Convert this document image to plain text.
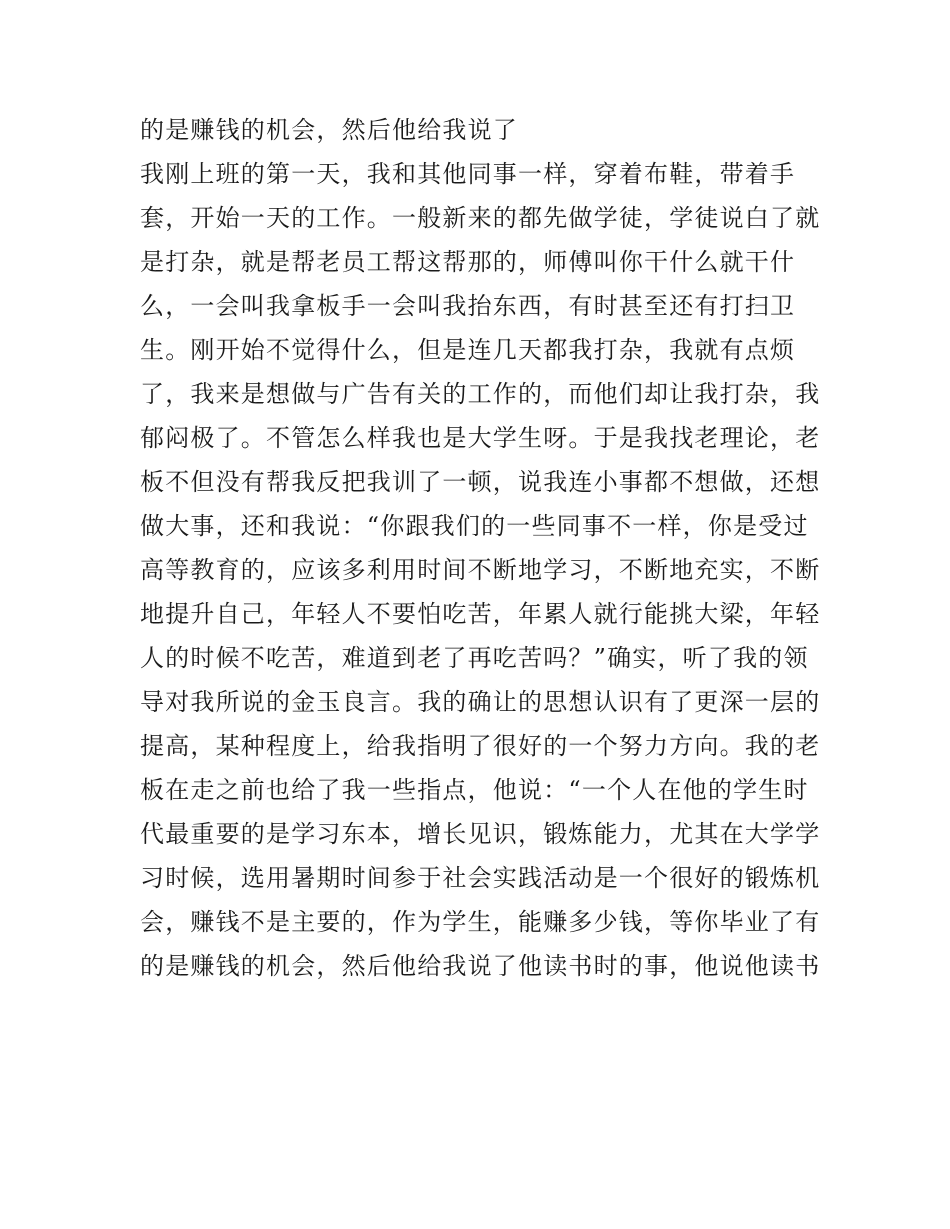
的是赚钱的机会，然后他给我说了
我刚上班的第一天，我和其他同事一样，穿着布鞋，带着手
套，开始一天的工作。一般新来的都先做学徒，学徒说白了就
是打杂，就是帮老员工帮这帮那的，师傅叫你干什么就干什
么，一会叫我拿板手一会叫我抬东西，有时甚至还有打扫卫
生。刚开始不觉得什么，但是连几天都我打杂，我就有点烦
了，我来是想做与广告有关的工作的，而他们却让我打杂，我
郁闷极了。不管怎么样我也是大学生呀。于是我找老理论，老
板不但没有帮我反把我训了一顿，说我连小事都不想做，还想
做大事，还和我说：“你跟我们的一些同事不一样，你是受过
高等教育的，应该多利用时间不断地学习，不断地充实，不断
地提升自己，年轻人不要怕吃苦，年累人就行能挑大梁，年轻
人的时候不吃苦，难道到老了再吃苦吗？”确实，听了我的领
导对我所说的金玉良言。我的确让的思想认识有了更深一层的
提高，某种程度上，给我指明了很好的一个努力方向。我的老
板在走之前也给了我一些指点，他说：“一个人在他的学生时
代最重要的是学习东本，增长见识，锻炼能力，尤其在大学学
习时候，选用暑期时间参于社会实践活动是一个很好的锻炼机
会，赚钱不是主要的，作为学生，能赚多少钱，等你毕业了有
的是赚钱的机会，然后他给我说了他读书时的事，他说他读书
